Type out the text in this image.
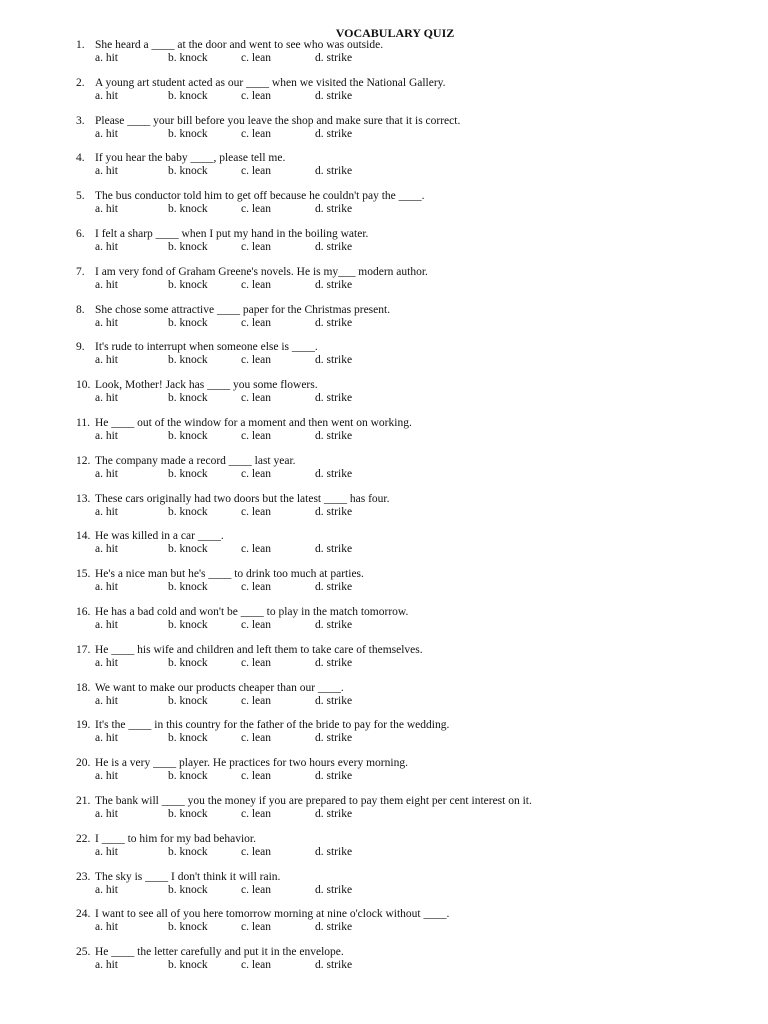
VOCABULARY QUIZ
1. She heard a ____ at the door and went to see who was outside.
a. hit	b. knock	c. lean	d. strike
2. A young art student acted as our ____ when we visited the National Gallery.
a. hit	b. knock	c. lean	d. strike
3. Please ____ your bill before you leave the shop and make sure that it is correct.
a. hit	b. knock	c. lean	d. strike
4. If you hear the baby ____, please tell me.
a. hit	b. knock	c. lean	d. strike
5. The bus conductor told him to get off because he couldn't pay the ____.
a. hit	b. knock	c. lean	d. strike
6. I felt a sharp ____ when I put my hand in the boiling water.
a. hit	b. knock	c. lean	d. strike
7. I am very fond of Graham Greene's novels. He is my___ modern author.
a. hit	b. knock	c. lean	d. strike
8. She chose some attractive ____ paper for the Christmas present.
a. hit	b. knock	c. lean	d. strike
9. It's rude to interrupt when someone else is ____.
a. hit	b. knock	c. lean	d. strike
10. Look, Mother! Jack has ____ you some flowers.
a. hit	b. knock	c. lean	d. strike
11. He ____ out of the window for a moment and then went on working.
a. hit	b. knock	c. lean	d. strike
12. The company made a record ____ last year.
a. hit	b. knock	c. lean	d. strike
13. These cars originally had two doors but the latest ____ has four.
a. hit	b. knock	c. lean	d. strike
14. He was killed in a car ____.
a. hit	b. knock	c. lean	d. strike
15. He's a nice man but he's ____ to drink too much at parties.
a. hit	b. knock	c. lean	d. strike
16. He has a bad cold and won't be ____ to play in the match tomorrow.
a. hit	b. knock	c. lean	d. strike
17. He ____ his wife and children and left them to take care of themselves.
a. hit	b. knock	c. lean	d. strike
18. We want to make our products cheaper than our ____.
a. hit	b. knock	c. lean	d. strike
19. It's the ____ in this country for the father of the bride to pay for the wedding.
a. hit	b. knock	c. lean	d. strike
20. He is a very ____ player. He practices for two hours every morning.
a. hit	b. knock	c. lean	d. strike
21. The bank will ____ you the money if you are prepared to pay them eight per cent interest on it.
a. hit	b. knock	c. lean	d. strike
22. I ____ to him for my bad behavior.
a. hit	b. knock	c. lean	d. strike
23. The sky is ____ I don't think it will rain.
a. hit	b. knock	c. lean	d. strike
24. I want to see all of you here tomorrow morning at nine o'clock without ____.
a. hit	b. knock	c. lean	d. strike
25. He ____ the letter carefully and put it in the envelope.
a. hit	b. knock	c. lean	d. strike
